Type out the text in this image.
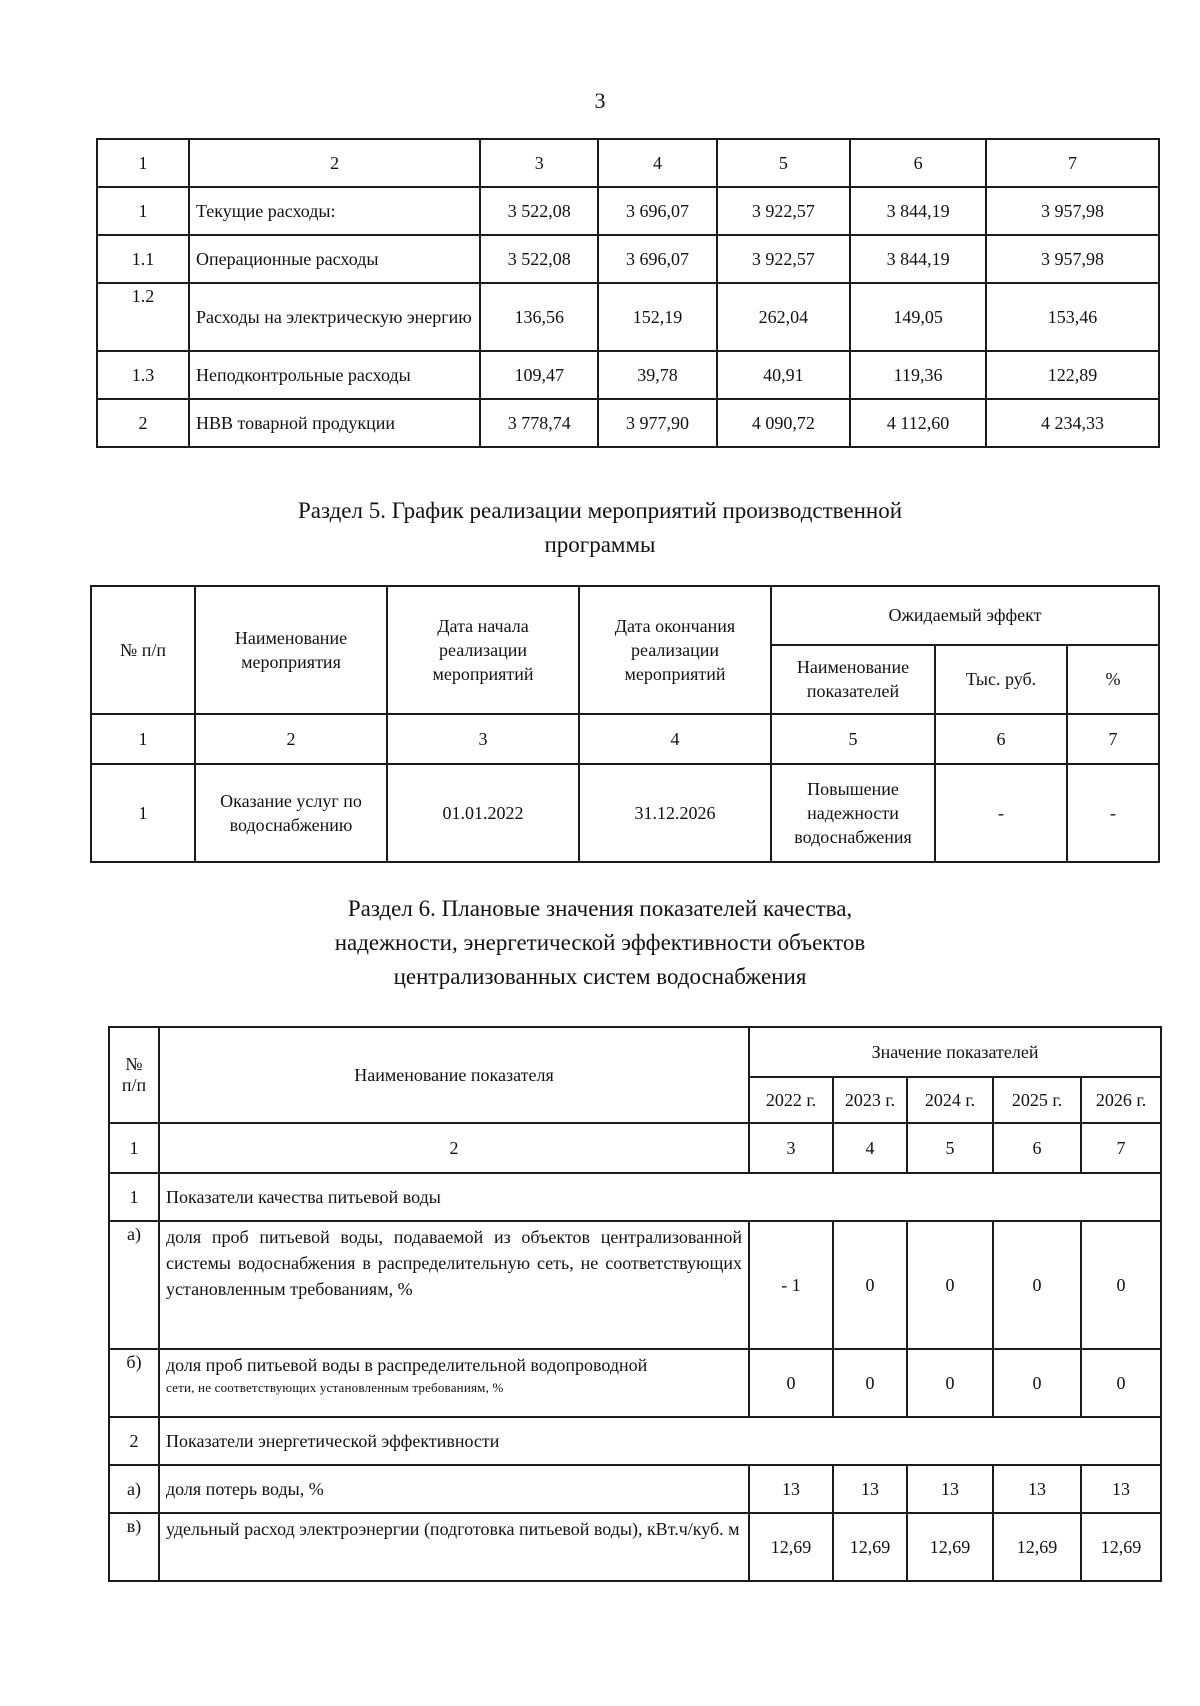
3
1	2	3	4	5	6	7
1	Текущие расходы:	3 522,08	3 696,07	3 922,57	3 844,19	3 957,98
1.1	Операционные расходы	3 522,08	3 696,07	3 922,57	3 844,19	3 957,98
1.2	Расходы на электрическую энергию	136,56	152,19	262,04	149,05	153,46
1.3	Неподконтрольные расходы	109,47	39,78	40,91	119,36	122,89
2	НВВ товарной продукции	3 778,74	3 977,90	4 090,72	4 112,60	4 234,33
Раздел 5. График реализации мероприятий производственной
программы
№ п/п	Наименование мероприятия	Дата начала реализации мероприятий	Дата окончания реализации мероприятий	Ожидаемый эффект		
				Наименование показателей	Тыс. руб.	%
1	2	3	4	5	6	7
1	Оказание услуг по водоснабжению	01.01.2022	31.12.2026	Повышение надежности водоснабжения	-	-
Раздел 6. Плановые значения показателей качества,
надежности, энергетической эффективности объектов
централизованных систем водоснабжения
№ п/п	Наименование показателя	Значение показателей				
		2022 г.	2023 г.	2024 г.	2025 г.	2026 г.
1	2	3	4	5	6	7
1	Показатели качества питьевой воды					
а)	доля проб питьевой воды, подаваемой из объектов централизованной системы водоснабжения в распределительную сеть, не соответствующих установленным требованиям, %	- 1	0	0	0	0
б)	доля проб питьевой воды в распределительной водопроводной
сети, не соответствующих установленным требованиям, %	0	0	0	0	0
2	Показатели энергетической эффективности					
а)	доля потерь воды, %	13	13	13	13	13
в)	удельный расход электроэнергии (подготовка питьевой воды), кВт.ч/куб. м	12,69	12,69	12,69	12,69	12,69
